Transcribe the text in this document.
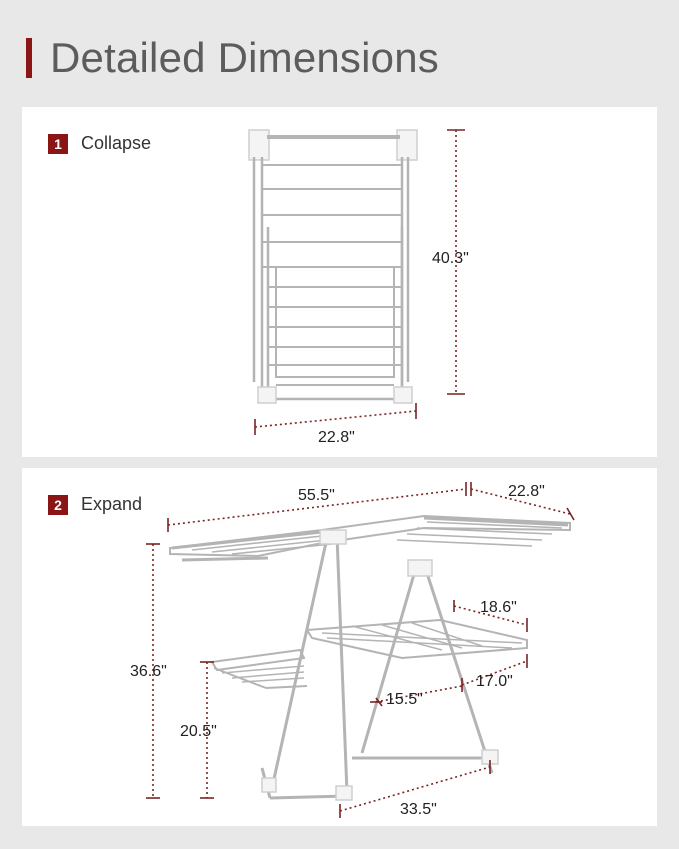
Detailed Dimensions
1	Collapse
40.3"
22.8"
2	Expand	55.5"	22.8"
36.6"
20.5"
18.6"
15.5"
17.0"
33.5"
